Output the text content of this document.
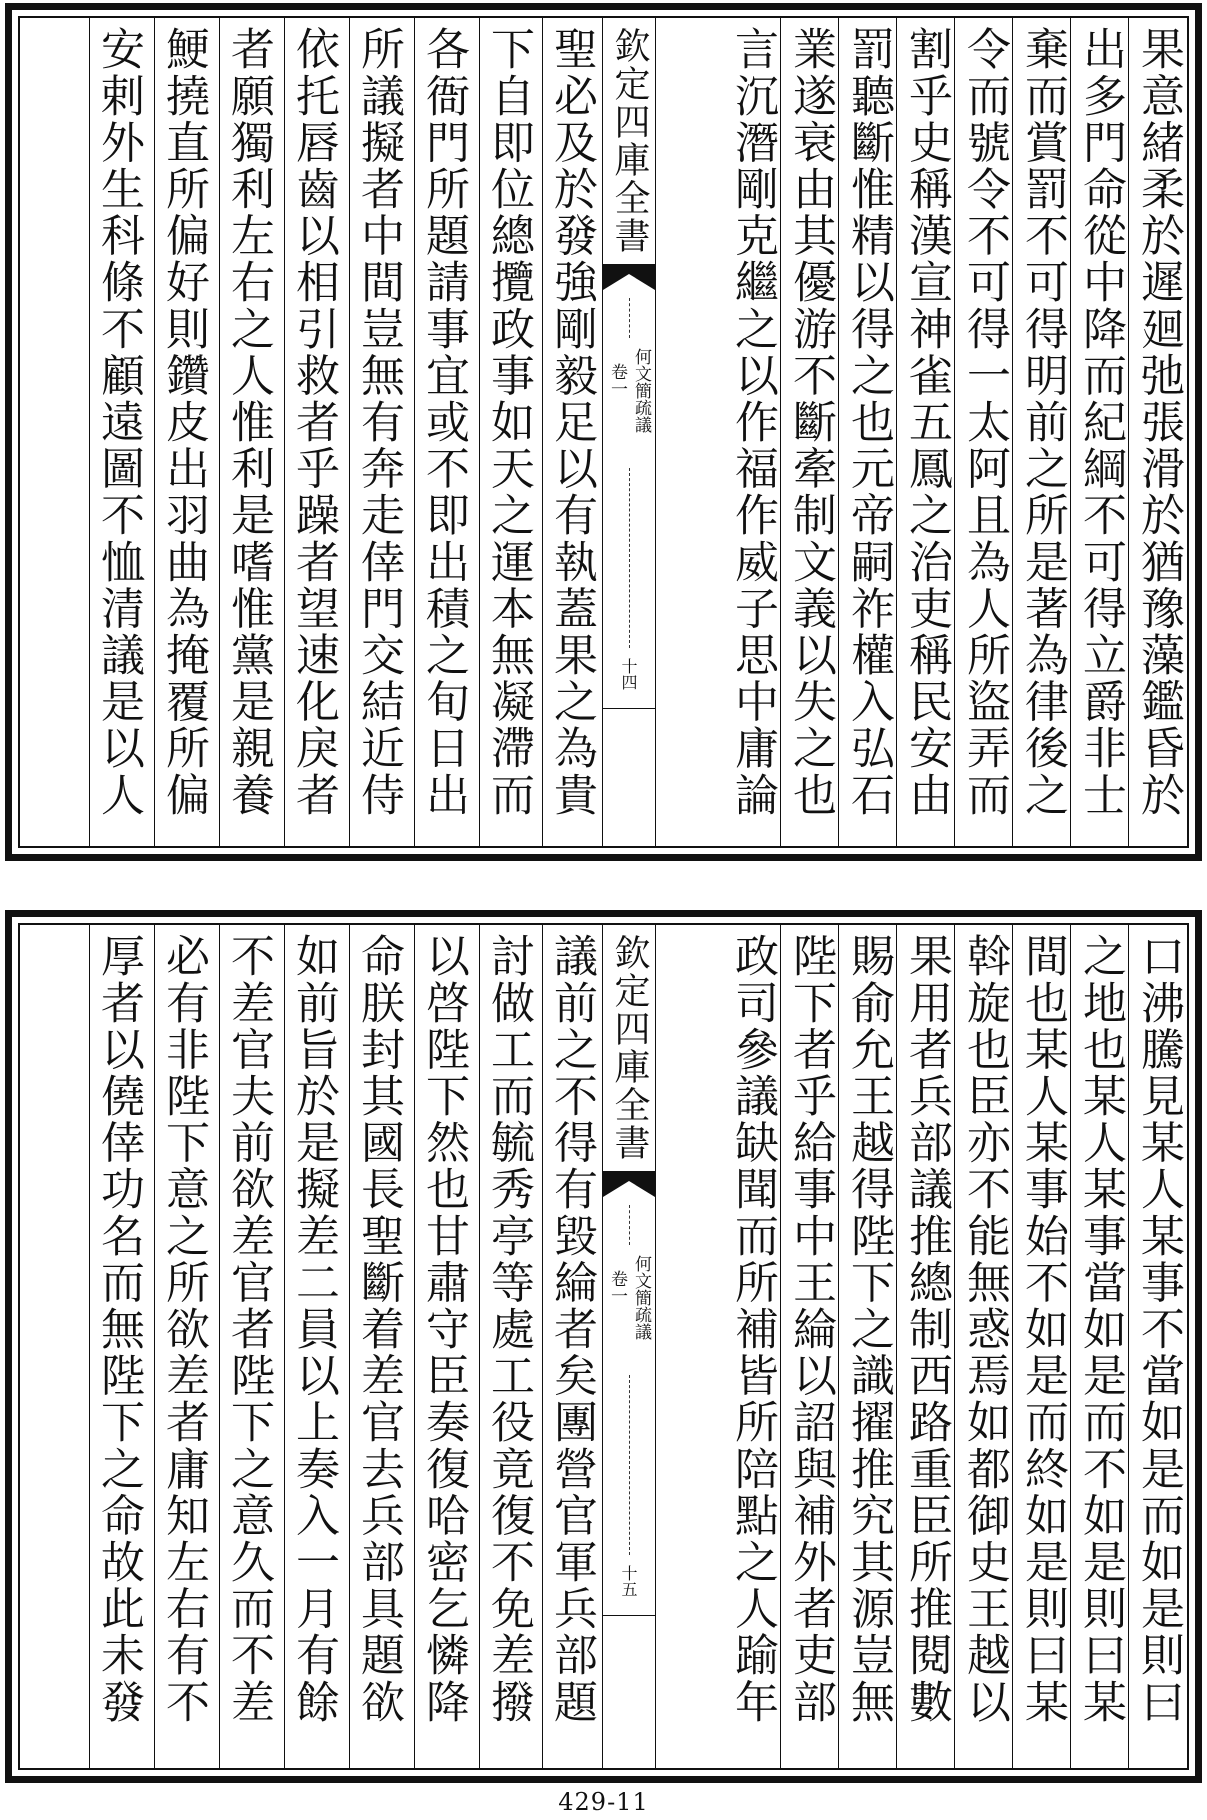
果意緒柔於遲廻弛張滑於猶豫藻鑑昏於
出多門命從中降而紀綱不可得立爵非士
棄而賞罰不可得明前之所是著為律後之
令而號令不可得一太阿且為人所盜弄而
割乎史稱漢宣神雀五鳳之治吏稱民安由
罰聽斷惟精以得之也元帝嗣祚權入弘石
業遂衰由其優游不斷牽制文義以失之也
言沉潛剛克繼之以作福作威子思中庸論
欽定四庫全書
何文簡疏議
卷一
十四
聖必及於發強剛毅足以有執蓋果之為貴
下自即位總攬政事如天之運本無凝滯而
各衙門所題請事宜或不即出積之旬日出
所議擬者中間豈無有奔走倖門交結近侍
依托唇齒以相引救者乎躁者望速化戾者
者願獨利左右之人惟利是嗜惟黨是親養
鯁撓直所偏好則鑽皮出羽曲為掩覆所偏
安剌外生科條不顧遠圖不恤清議是以人
口沸騰見某人某事不當如是而如是則曰
之地也某人某事當如是而不如是則曰某
間也某人某事始不如是而終如是則曰某
斡旋也臣亦不能無惑焉如都御史王越以
果用者兵部議推總制西路重臣所推閱數
賜俞允王越得陛下之識擢推究其源豈無
陛下者乎給事中王綸以詔與補外者吏部
政司參議缺聞而所補皆所陪點之人踰年
欽定四庫全書
何文簡疏議
卷一
十五
議前之不得有毀綸者矣團營官軍兵部題
討做工而毓秀亭等處工役竟復不免差撥
以啓陛下然也甘肅守臣奏復哈密乞憐降
命朕封其國長聖斷着差官去兵部具題欲
如前旨於是擬差二員以上奏入一月有餘
不差官夫前欲差官者陛下之意久而不差
必有非陛下意之所欲差者庸知左右有不
厚者以僥倖功名而無陛下之命故此未發
429-11
